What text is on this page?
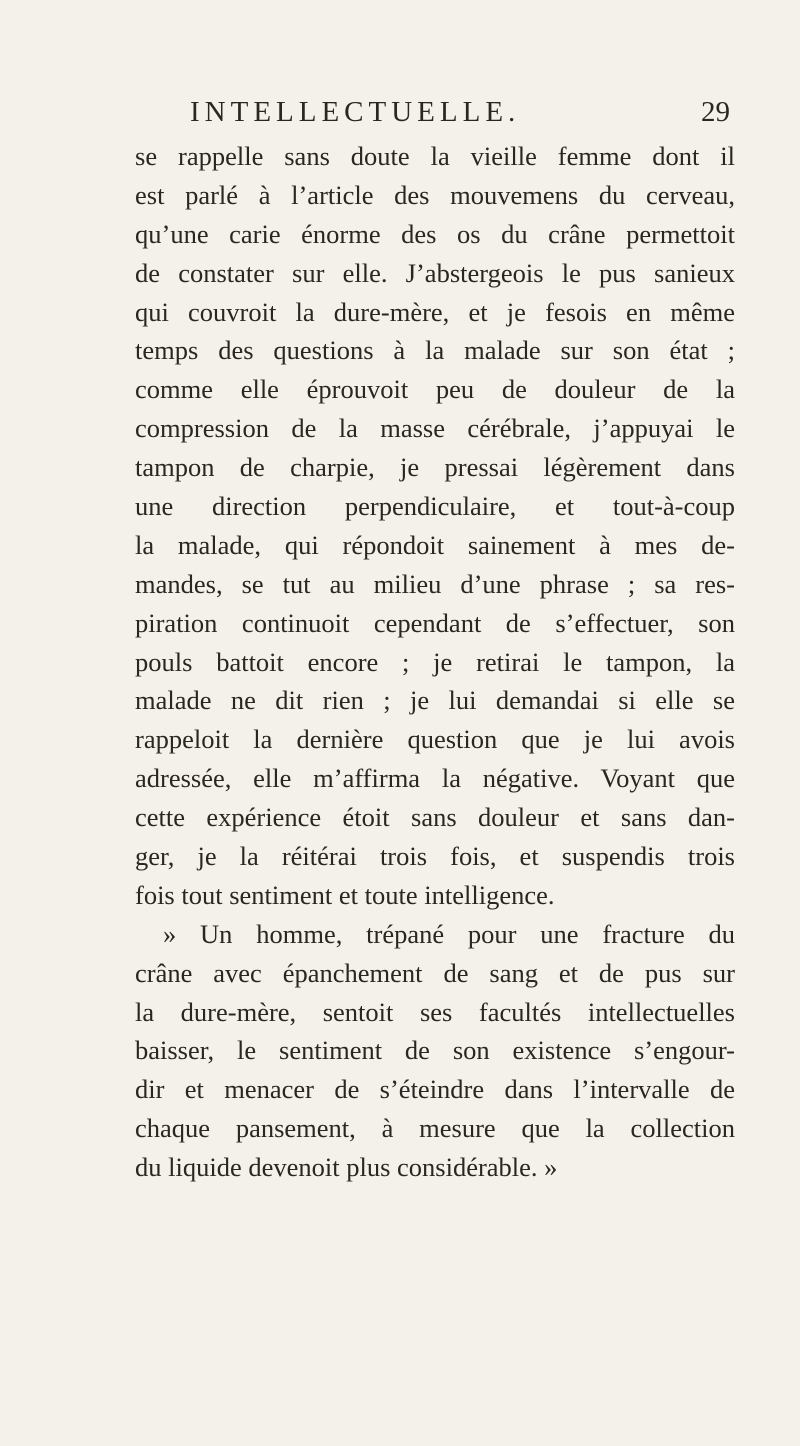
INTELLECTUELLE.	29
se rappelle sans doute la vieille femme dont il
est parlé à l’article des mouvemens du cerveau,
qu’une carie énorme des os du crâne permettoit
de constater sur elle. J’abstergeois le pus sanieux
qui couvroit la dure-mère, et je fesois en même
temps des questions à la malade sur son état ;
comme elle éprouvoit peu de douleur de la
compression de la masse cérébrale, j’appuyai le
tampon de charpie, je pressai légèrement dans
une direction perpendiculaire, et tout-à-coup
la malade, qui répondoit sainement à mes de-
mandes, se tut au milieu d’une phrase ; sa res-
piration continuoit cependant de s’effectuer, son
pouls battoit encore ; je retirai le tampon, la
malade ne dit rien ; je lui demandai si elle se
rappeloit la dernière question que je lui avois
adressée, elle m’affirma la négative. Voyant que
cette expérience étoit sans douleur et sans dan-
ger, je la réitérai trois fois, et suspendis trois
fois tout sentiment et toute intelligence.
» Un homme, trépané pour une fracture du
crâne avec épanchement de sang et de pus sur
la dure-mère, sentoit ses facultés intellectuelles
baisser, le sentiment de son existence s’engour-
dir et menacer de s’éteindre dans l’intervalle de
chaque pansement, à mesure que la collection
du liquide devenoit plus considérable. »
